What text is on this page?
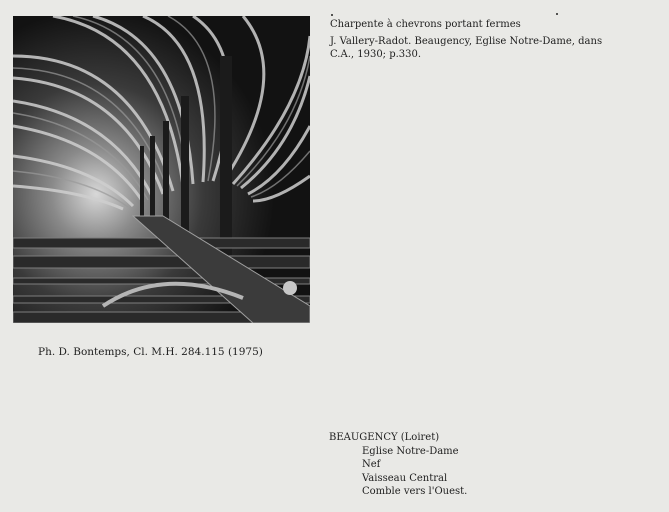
Charpente à chevrons portant fermes
J. Vallery-Radot. Beaugency, Eglise Notre-Dame, dans
C.A., 1930; p.330.
Ph. D. Bontemps, Cl. M.H. 284.115 (1975)
BEAUGENCY (Loiret)
Eglise Notre-Dame
Nef
Vaisseau Central
Comble vers l'Ouest.
